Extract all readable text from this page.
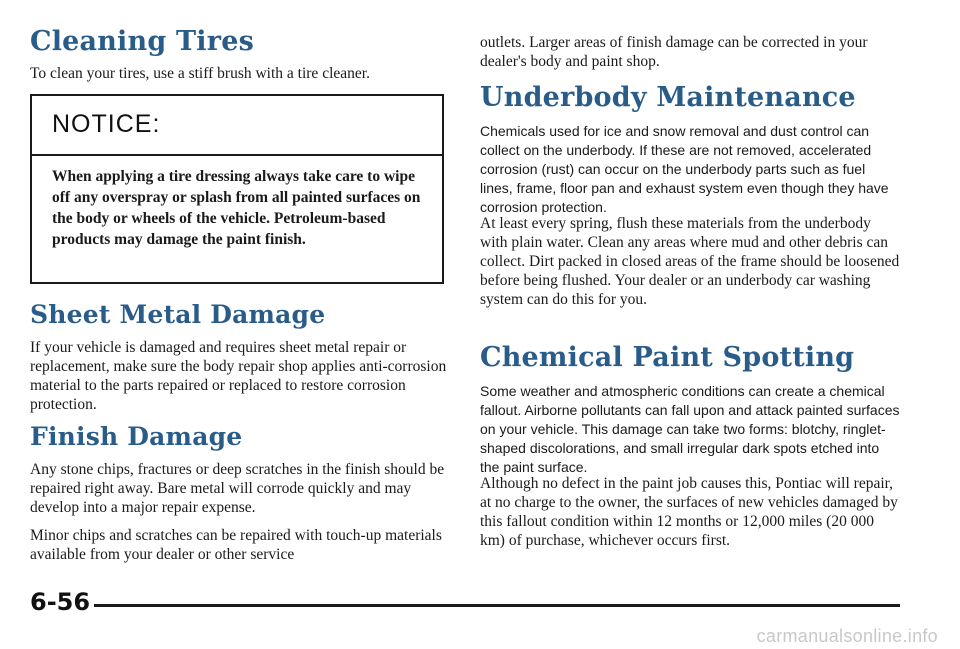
Cleaning Tires

To clean your tires, use a stiff brush with a tire cleaner.

NOTICE:

When applying a tire dressing always take care to wipe off any overspray or splash from all painted surfaces on the body or wheels of the vehicle. Petroleum-based products may damage the paint finish.

Sheet Metal Damage

If your vehicle is damaged and requires sheet metal repair or replacement, make sure the body repair shop applies anti-corrosion material to the parts repaired or replaced to restore corrosion protection.

Finish Damage

Any stone chips, fractures or deep scratches in the finish should be repaired right away. Bare metal will corrode quickly and may develop into a major repair expense.

Minor chips and scratches can be repaired with touch-up materials available from your dealer or other service

outlets. Larger areas of finish damage can be corrected in your dealer's body and paint shop.

Underbody Maintenance

Chemicals used for ice and snow removal and dust control can collect on the underbody. If these are not removed, accelerated corrosion (rust) can occur on the underbody parts such as fuel lines, frame, floor pan and exhaust system even though they have corrosion protection.

At least every spring, flush these materials from the underbody with plain water. Clean any areas where mud and other debris can collect. Dirt packed in closed areas of the frame should be loosened before being flushed. Your dealer or an underbody car washing system can do this for you.

Chemical Paint Spotting

Some weather and atmospheric conditions can create a chemical fallout. Airborne pollutants can fall upon and attack painted surfaces on your vehicle. This damage can take two forms: blotchy, ringlet-shaped discolorations, and small irregular dark spots etched into the paint surface.

Although no defect in the paint job causes this, Pontiac will repair, at no charge to the owner, the surfaces of new vehicles damaged by this fallout condition within 12 months or 12,000 miles (20 000 km) of purchase, whichever occurs first.

6-56
carmanualsonline.info
